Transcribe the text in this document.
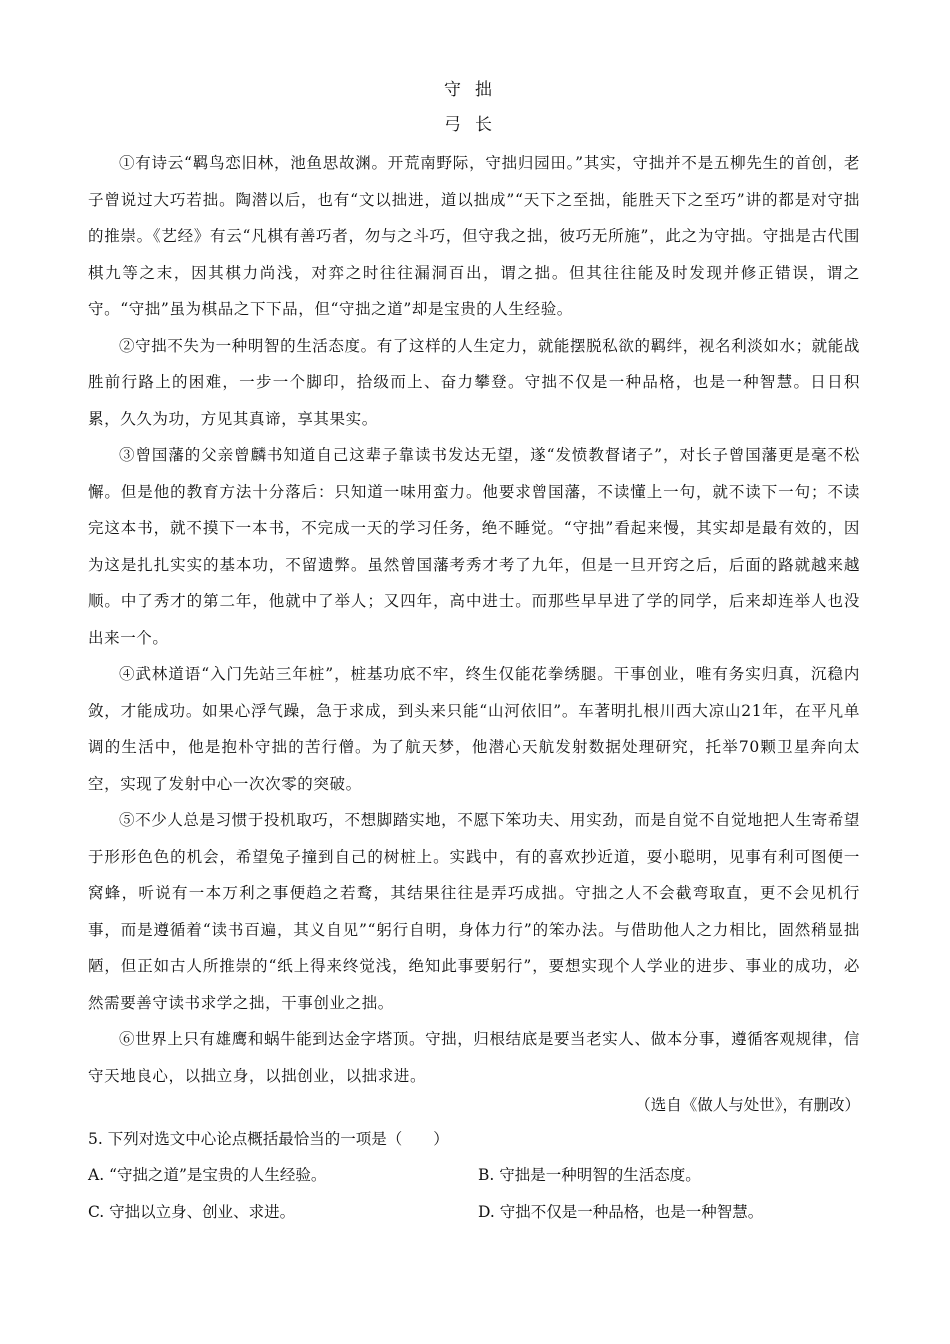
守拙
弓长

①有诗云“羁鸟恋旧林，池鱼思故渊。开荒南野际，守拙归园田。”其实，守拙并不是五柳先生的首创，老子曾说过大巧若拙。陶潜以后，也有“文以拙进，道以拙成”“天下之至拙，能胜天下之至巧”讲的都是对守拙的推崇。《艺经》有云“凡棋有善巧者，勿与之斗巧，但守我之拙，彼巧无所施”，此之为守拙。守拙是古代围棋九等之末，因其棋力尚浅，对弈之时往往漏洞百出，谓之拙。但其往往能及时发现并修正错误，谓之守。“守拙”虽为棋品之下下品，但“守拙之道”却是宝贵的人生经验。

②守拙不失为一种明智的生活态度。有了这样的人生定力，就能摆脱私欲的羁绊，视名利淡如水；就能战胜前行路上的困难，一步一个脚印，拾级而上、奋力攀登。守拙不仅是一种品格，也是一种智慧。日日积累，久久为功，方见其真谛，享其果实。

③曾国藩的父亲曾麟书知道自己这辈子靠读书发达无望，遂“发愤教督诸子”，对长子曾国藩更是毫不松懈。但是他的教育方法十分落后：只知道一味用蛮力。他要求曾国藩，不读懂上一句，就不读下一句；不读完这本书，就不摸下一本书，不完成一天的学习任务，绝不睡觉。“守拙”看起来慢，其实却是最有效的，因为这是扎扎实实的基本功，不留遗弊。虽然曾国藩考秀才考了九年，但是一旦开窍之后，后面的路就越来越顺。中了秀才的第二年，他就中了举人；又四年，高中进士。而那些早早进了学的同学，后来却连举人也没出来一个。

④武林道语“入门先站三年桩”，桩基功底不牢，终生仅能花拳绣腿。干事创业，唯有务实归真，沉稳内敛，才能成功。如果心浮气躁，急于求成，到头来只能“山河依旧”。车著明扎根川西大凉山21年，在平凡单调的生活中，他是抱朴守拙的苦行僧。为了航天梦，他潜心天航发射数据处理研究，托举70颗卫星奔向太空，实现了发射中心一次次零的突破。

⑤不少人总是习惯于投机取巧，不想脚踏实地，不愿下笨功夫、用实劲，而是自觉不自觉地把人生寄希望于形形色色的机会，希望兔子撞到自己的树桩上。实践中，有的喜欢抄近道，耍小聪明，见事有利可图便一窝蜂，听说有一本万利之事便趋之若鹜，其结果往往是弄巧成拙。守拙之人不会截弯取直，更不会见机行事，而是遵循着“读书百遍，其义自见”“躬行自明，身体力行”的笨办法。与借助他人之力相比，固然稍显拙陋，但正如古人所推崇的“纸上得来终觉浅，绝知此事要躬行”，要想实现个人学业的进步、事业的成功，必然需要善守读书求学之拙，干事创业之拙。

⑥世界上只有雄鹰和蜗牛能到达金字塔顶。守拙，归根结底是要当老实人、做本分事，遵循客观规律，信守天地良心，以拙立身，以拙创业，以拙求进。

（选自《做人与处世》，有删改）
5. 下列对选文中心论点概括最恰当的一项是（　　）
A. “守拙之道”是宝贵的人生经验。	B. 守拙是一种明智的生活态度。
C. 守拙以立身、创业、求进。	D. 守拙不仅是一种品格，也是一种智慧。
